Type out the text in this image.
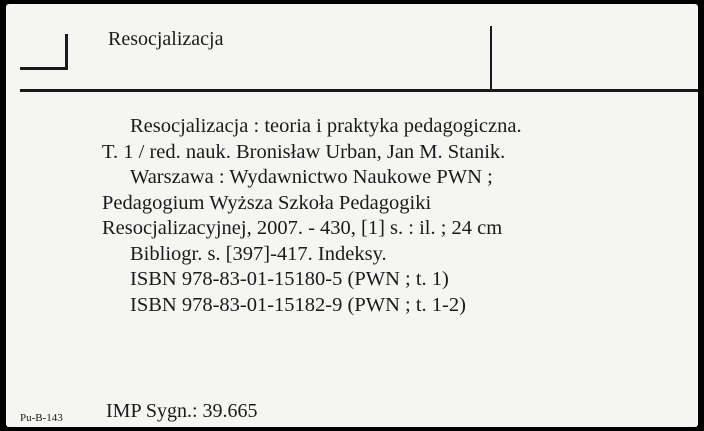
Resocjalizacja
Resocjalizacja : teoria i praktyka pedagogiczna.
T. 1 / red. nauk. Bronisław Urban, Jan M. Stanik.
Warszawa : Wydawnictwo Naukowe PWN ;
Pedagogium Wyższa Szkoła Pedagogiki
Resocjalizacyjnej, 2007. - 430, [1] s. : il. ; 24 cm
Bibliogr. s. [397]-417. Indeksy.
ISBN 978-83-01-15180-5 (PWN ; t. 1)
ISBN 978-83-01-15182-9 (PWN ; t. 1-2)
Pu-B-143 IMP Sygn.: 39.665
